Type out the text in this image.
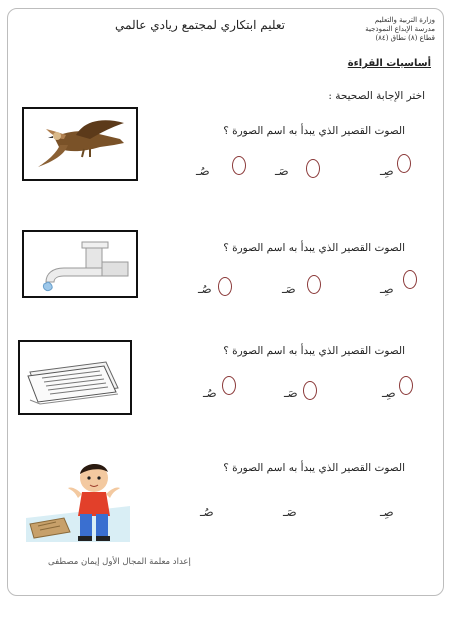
وزارة التربية والتعليم
مدرسة الإبداع النموذجية
قطاع (٨) نطاق (٨٤)
تعليم ابتكاري لمجتمع ريادي عالمي
أساسيات القراءة
اختر الإجابة الصحيحة :
الصوت القصير الذي يبدأ به اسم الصورة ؟
صِـ
صَـ
صُـ
الصوت القصير الذي يبدأ به اسم الصورة ؟
صِـ
صَـ
صُـ
الصوت القصير الذي يبدأ به اسم الصورة ؟
صِـ
صَـ
صُـ
الصوت القصير الذي يبدأ به اسم الصورة ؟
صِـ
صَـ
صُـ
إعداد معلمة المجال الأول إيمان مصطفى
